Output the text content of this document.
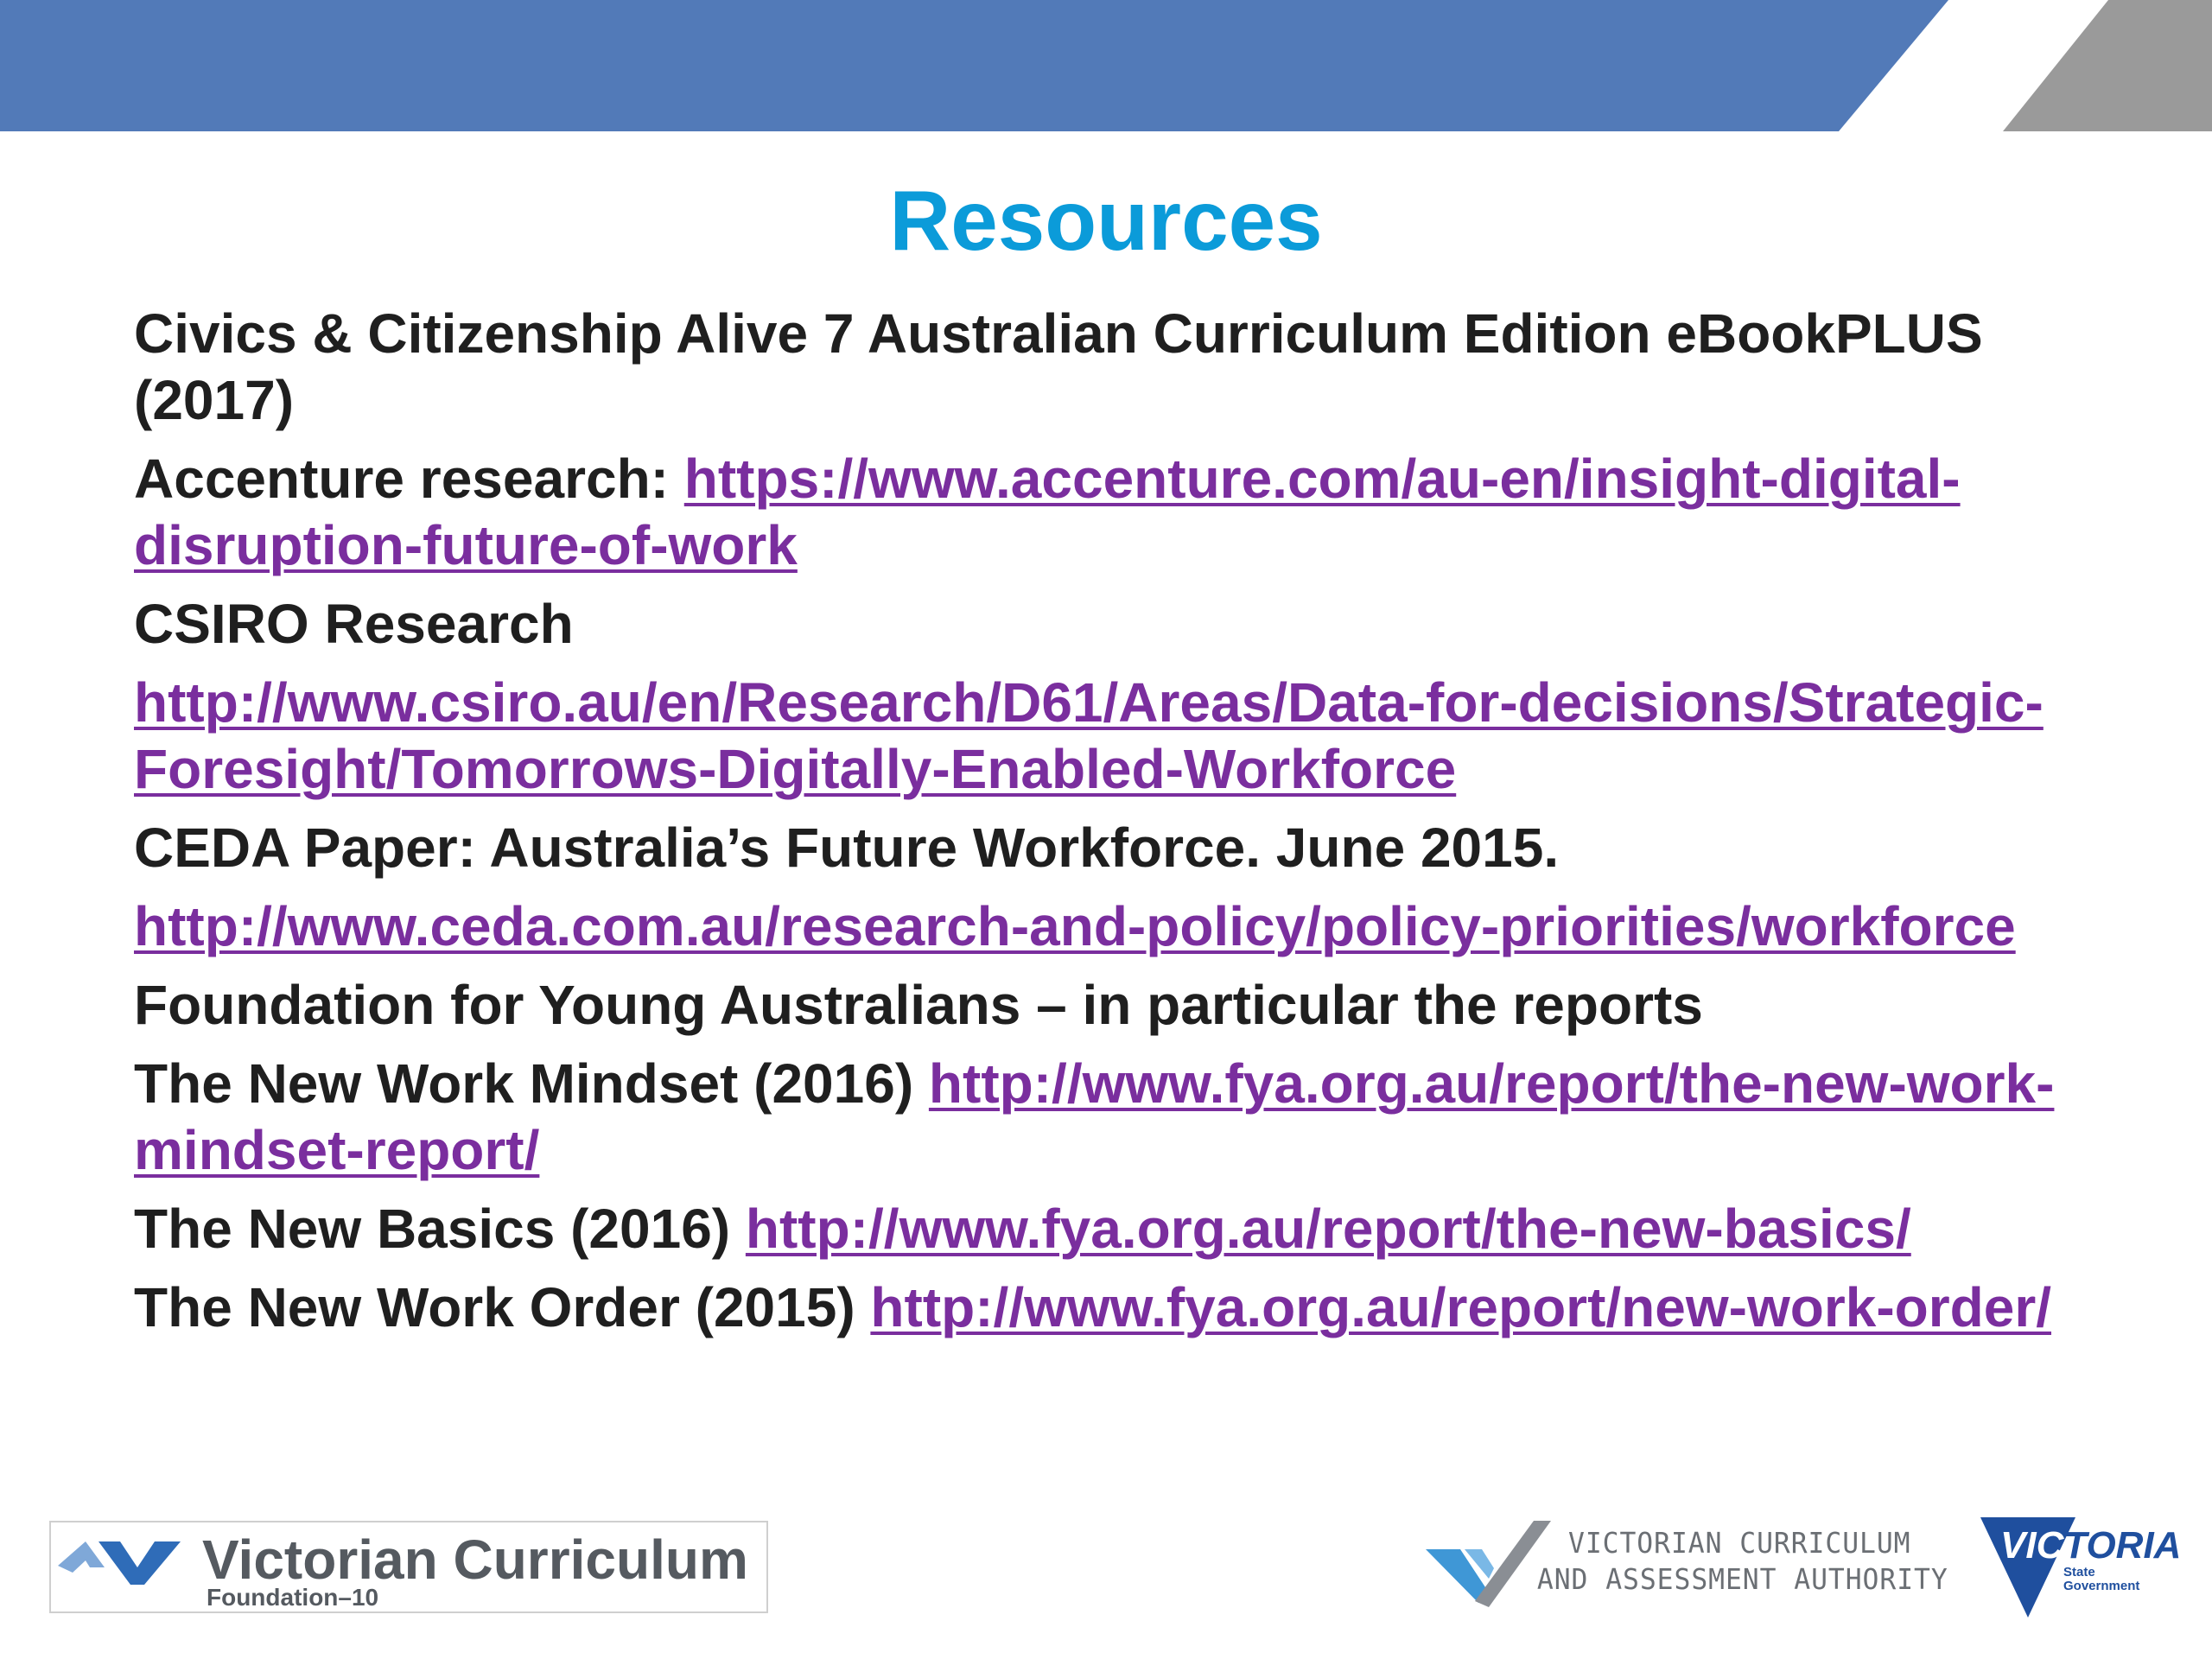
Resources

Civics & Citizenship Alive 7 Australian Curriculum Edition eBookPLUS (2017)

Accenture research: https://www.accenture.com/au-en/insight-digital-disruption-future-of-work

CSIRO Research

http://www.csiro.au/en/Research/D61/Areas/Data-for-decisions/Strategic-Foresight/Tomorrows-Digitally-Enabled-Workforce

CEDA Paper: Australia’s Future Workforce. June 2015.

http://www.ceda.com.au/research-and-policy/policy-priorities/workforce

Foundation for Young Australians – in particular the reports

The New Work Mindset (2016) http://www.fya.org.au/report/the-new-work-mindset-report/

The New Basics (2016) http://www.fya.org.au/report/the-new-basics/

The New Work Order (2015) http://www.fya.org.au/report/new-work-order/

Victorian Curriculum
Foundation–10
VICTORIAN CURRICULUM
AND ASSESSMENT AUTHORITY
VICTORIA
State
Government
